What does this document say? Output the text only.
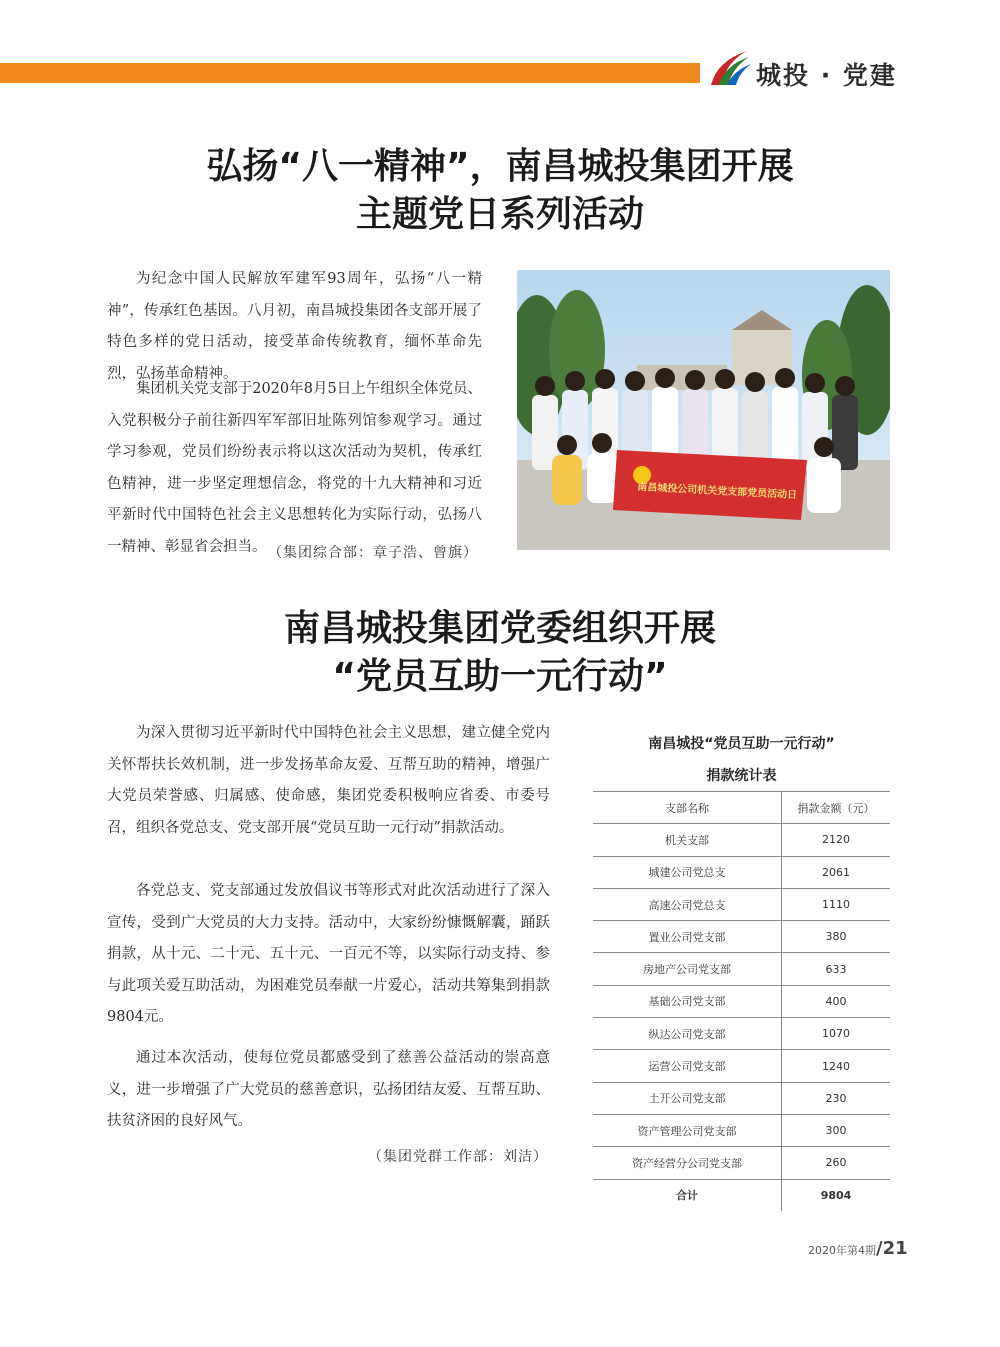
城投 · 党建
弘扬“八一精神”，南昌城投集团开展
主题党日系列活动

为纪念中国人民解放军建军93周年，弘扬“八一精神”，传承红色基因。八月初，南昌城投集团各支部开展了特色多样的党日活动，接受革命传统教育，缅怀革命先烈，弘扬革命精神。

集团机关党支部于2020年8月5日上午组织全体党员、入党积极分子前往新四军军部旧址陈列馆参观学习。通过学习参观，党员们纷纷表示将以这次活动为契机，传承红色精神，进一步坚定理想信念，将党的十九大精神和习近平新时代中国特色社会主义思想转化为实际行动，弘扬八一精神、彰显省会担当。 （集团综合部：章子浩、曾旗）
南昌城投公司机关党支部党员活动日
南昌城投集团党委组织开展
“党员互助一元行动”

为深入贯彻习近平新时代中国特色社会主义思想，建立健全党内关怀帮扶长效机制，进一步发扬革命友爱、互帮互助的精神，增强广大党员荣誉感、归属感、使命感，集团党委积极响应省委、市委号召，组织各党总支、党支部开展“党员互助一元行动”捐款活动。

各党总支、党支部通过发放倡议书等形式对此次活动进行了深入宣传，受到广大党员的大力支持。活动中，大家纷纷慷慨解囊，踊跃捐款，从十元、二十元、五十元、一百元不等，以实际行动支持、参与此项关爱互助活动，为困难党员奉献一片爱心，活动共筹集到捐款9804元。

通过本次活动，使每位党员都感受到了慈善公益活动的崇高意义，进一步增强了广大党员的慈善意识，弘扬团结友爱、互帮互助、扶贫济困的良好风气。

（集团党群工作部：刘洁）
南昌城投“党员互助一元行动”
捐款统计表
支部名称	捐款金额（元）
机关支部	2120
城建公司党总支	2061
高速公司党总支	1110
置业公司党支部	380
房地产公司党支部	633
基础公司党支部	400
纵达公司党支部	1070
运营公司党支部	1240
土开公司党支部	230
资产管理公司党支部	300
资产经营分公司党支部	260
合计	9804
2020年第4期/21
